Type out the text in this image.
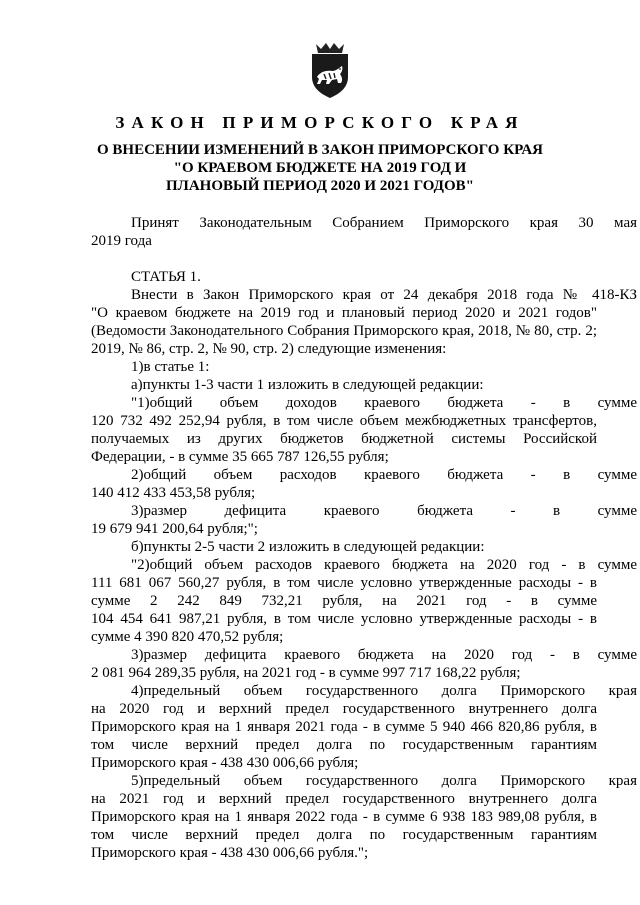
ЗАКОН ПРИМОРСКОГО КРАЯ
О ВНЕСЕНИИ ИЗМЕНЕНИЙ В ЗАКОН ПРИМОРСКОГО КРАЯ
"О КРАЕВОМ БЮДЖЕТЕ НА 2019 ГОД И
ПЛАНОВЫЙ ПЕРИОД 2020 И 2021 ГОДОВ"
Принят Законодательным Собранием Приморского края 30 мая
2019 года
СТАТЬЯ 1.
Внести в Закон Приморского края от 24 декабря 2018 года № 418-КЗ
"О краевом бюджете на 2019 год и плановый период 2020 и 2021 годов"
(Ведомости Законодательного Собрания Приморского края, 2018, № 80, стр. 2;
2019, № 86, стр. 2, № 90, стр. 2) следующие изменения:
1)в статье 1:
а)пункты 1-3 части 1 изложить в следующей редакции:
"1)общий объем доходов краевого бюджета - в сумме
120 732 492 252,94 рубля, в том числе объем межбюджетных трансфертов,
получаемых из других бюджетов бюджетной системы Российской
Федерации, - в сумме 35 665 787 126,55 рубля;
2)общий объем расходов краевого бюджета - в сумме
140 412 433 453,58 рубля;
3)размер дефицита краевого бюджета - в сумме
19 679 941 200,64 рубля;";
б)пункты 2-5 части 2 изложить в следующей редакции:
"2)общий объем расходов краевого бюджета на 2020 год - в сумме
111 681 067 560,27 рубля, в том числе условно утвержденные расходы - в
сумме 2 242 849 732,21 рубля, на 2021 год - в сумме
104 454 641 987,21 рубля, в том числе условно утвержденные расходы - в
сумме 4 390 820 470,52 рубля;
3)размер дефицита краевого бюджета на 2020 год - в сумме
2 081 964 289,35 рубля, на 2021 год - в сумме 997 717 168,22 рубля;
4)предельный объем государственного долга Приморского края
на 2020 год и верхний предел государственного внутреннего долга
Приморского края на 1 января 2021 года - в сумме 5 940 466 820,86 рубля, в
том числе верхний предел долга по государственным гарантиям
Приморского края - 438 430 006,66 рубля;
5)предельный объем государственного долга Приморского края
на 2021 год и верхний предел государственного внутреннего долга
Приморского края на 1 января 2022 года - в сумме 6 938 183 989,08 рубля, в
том числе верхний предел долга по государственным гарантиям
Приморского края - 438 430 006,66 рубля.";
